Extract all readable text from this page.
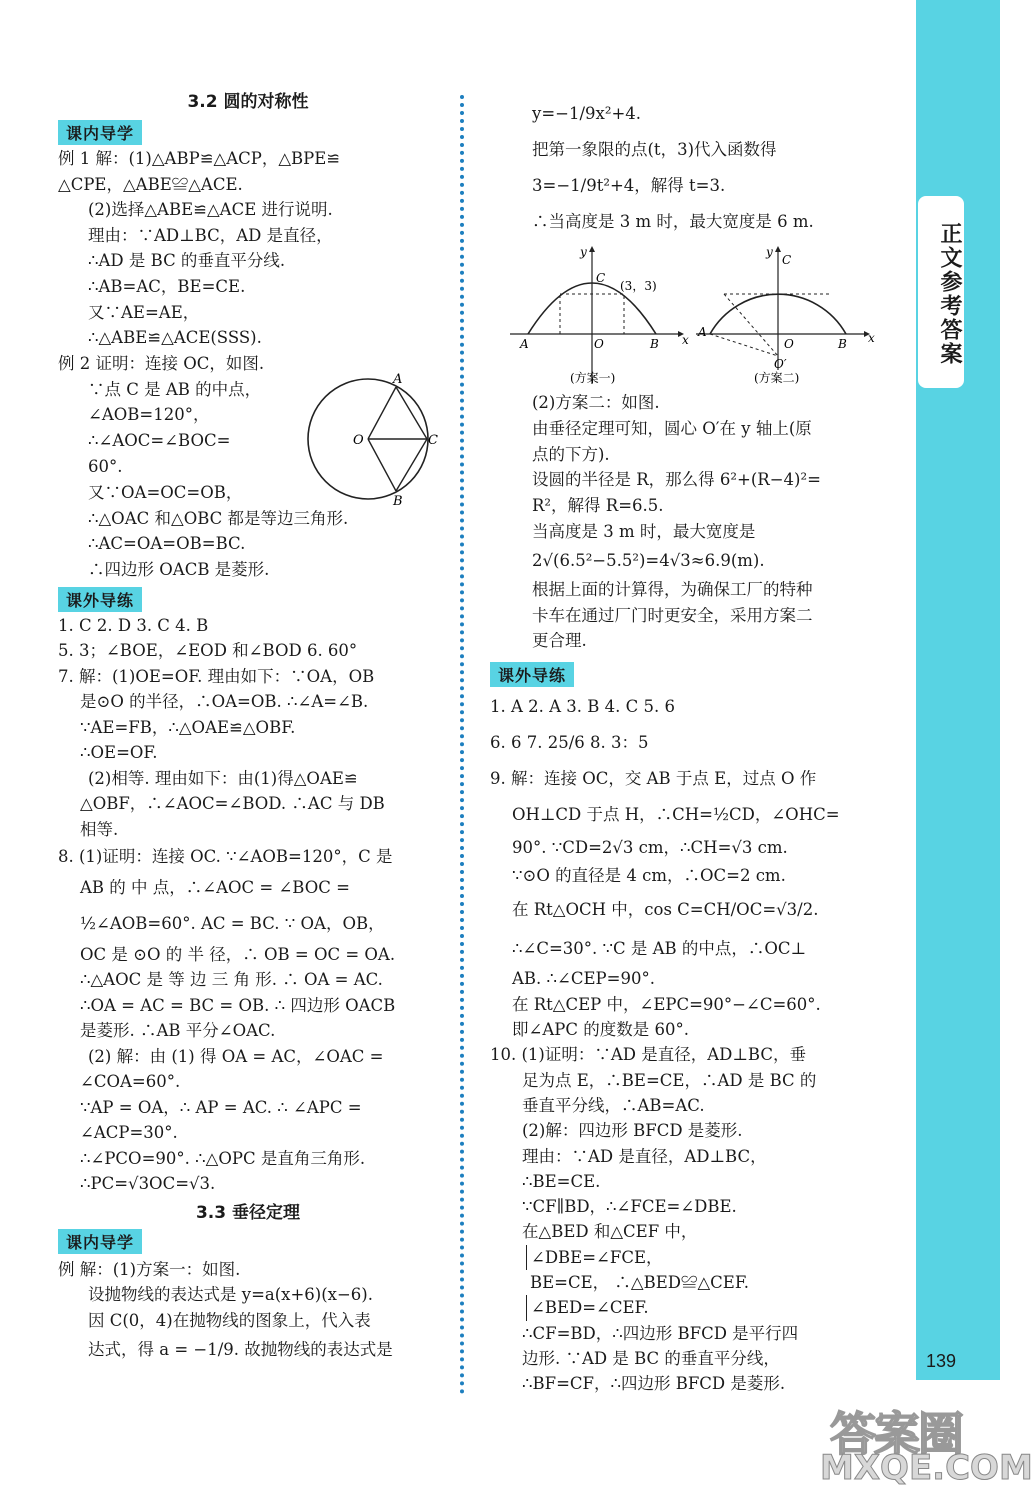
正文参考答案
139
答案圈
MXQE.COM
3.2 圆的对称性
课内导学

例 1 解：(1)△ABP≌△ACP，△BPE≌

△CPE，△ABE≌△ACE.

(2)选择△ABE≌△ACE 进行说明.

理由：∵AD⊥BC，AD 是直径，

∴AD 是 BC 的垂直平分线.

∴AB=AC，BE=CE.

又∵AE=AE，

∴△ABE≌△ACE(SSS).

例 2 证明：连接 OC，如图.

∵点 C 是 AB 的中点，

∠AOB=120°，

∴∠AOC=∠BOC=

60°.

又∵OA=OC=OB，

∴△OAC 和△OBC 都是等边三角形.

∴AC=OA=OB=BC.

∴四边形 OACB 是菱形.

O
A
B
C
课外导练

1. C 2. D 3. C 4. B

5. 3；∠BOE，∠EOD 和∠BOD 6. 60°

7. 解：(1)OE=OF. 理由如下：∵OA，OB

是⊙O 的半径，∴OA=OB. ∴∠A=∠B.

∵AE=FB，∴△OAE≌△OBF.

∴OE=OF.

(2)相等. 理由如下：由(1)得△OAE≌

△OBF，∴∠AOC=∠BOD. ∴AC 与 DB

相等.

8. (1)证明：连接 OC. ∵∠AOB=120°，C 是

AB 的 中 点，∴∠AOC = ∠BOC =

½∠AOB=60°. AC = BC. ∵ OA，OB，

OC 是 ⊙O 的 半 径，∴ OB = OC = OA.

∴△AOC 是 等 边 三 角 形. ∴ OA = AC.

∴OA = AC = BC = OB. ∴ 四边形 OACB

是菱形. ∴AB 平分∠OAC.

(2) 解：由 (1) 得 OA = AC，∠OAC =

∠COA=60°.

∵AP = OA，∴ AP = AC. ∴ ∠APC =

∠ACP=30°.

∴∠PCO=90°. ∴△OPC 是直角三角形.

∴PC=√3OC=√3.

3.3 垂径定理
课内导学

例 解：(1)方案一：如图.

设抛物线的表达式是 y=a(x+6)(x−6).

因 C(0，4)在抛物线的图象上，代入表

达式，得 a = −1/9. 故抛物线的表达式是

y=−1/9x²+4.

把第一象限的点(t，3)代入函数得

3=−1/9t²+4，解得 t=3.

∴当高度是 3 m 时，最大宽度是 6 m.

y
C
(3，3)
A	O	B x
(方案一)
y
C
A
O	B x
O′
(方案二)

(2)方案二：如图.

由垂径定理可知，圆心 O′在 y 轴上(原

点的下方).

设圆的半径是 R，那么得 6²+(R−4)²=

R²，解得 R=6.5.

当高度是 3 m 时，最大宽度是

2√(6.5²−5.5²)=4√3≈6.9(m).

根据上面的计算得，为确保工厂的特种

卡车在通过厂门时更安全，采用方案二

更合理.

课外导练

1. A 2. A 3. B 4. C 5. 6

6. 6 7. 25/6 8. 3：5

9. 解：连接 OC，交 AB 于点 E，过点 O 作

OH⊥CD 于点 H，∴CH=½CD，∠OHC=

90°. ∵CD=2√3 cm，∴CH=√3 cm.

∵⊙O 的直径是 4 cm，∴OC=2 cm.

在 Rt△OCH 中，cos C=CH/OC=√3/2.

∴∠C=30°. ∵C 是 AB 的中点，∴OC⊥

AB. ∴∠CEP=90°.

在 Rt△CEP 中，∠EPC=90°−∠C=60°.

即∠APC 的度数是 60°.

10. (1)证明：∵AD 是直径，AD⊥BC，垂

足为点 E，∴BE=CE，∴AD 是 BC 的

垂直平分线，∴AB=AC.

(2)解：四边形 BFCD 是菱形.

理由：∵AD 是直径，AD⊥BC，

∴BE=CE.

∵CF∥BD，∴∠FCE=∠DBE.

在△BED 和△CEF 中，

∠DBE=∠FCE，

BE=CE， ∴△BED≌△CEF.

∠BED=∠CEF.

∴CF=BD，∴四边形 BFCD 是平行四

边形. ∵AD 是 BC 的垂直平分线，

∴BF=CF，∴四边形 BFCD 是菱形.
